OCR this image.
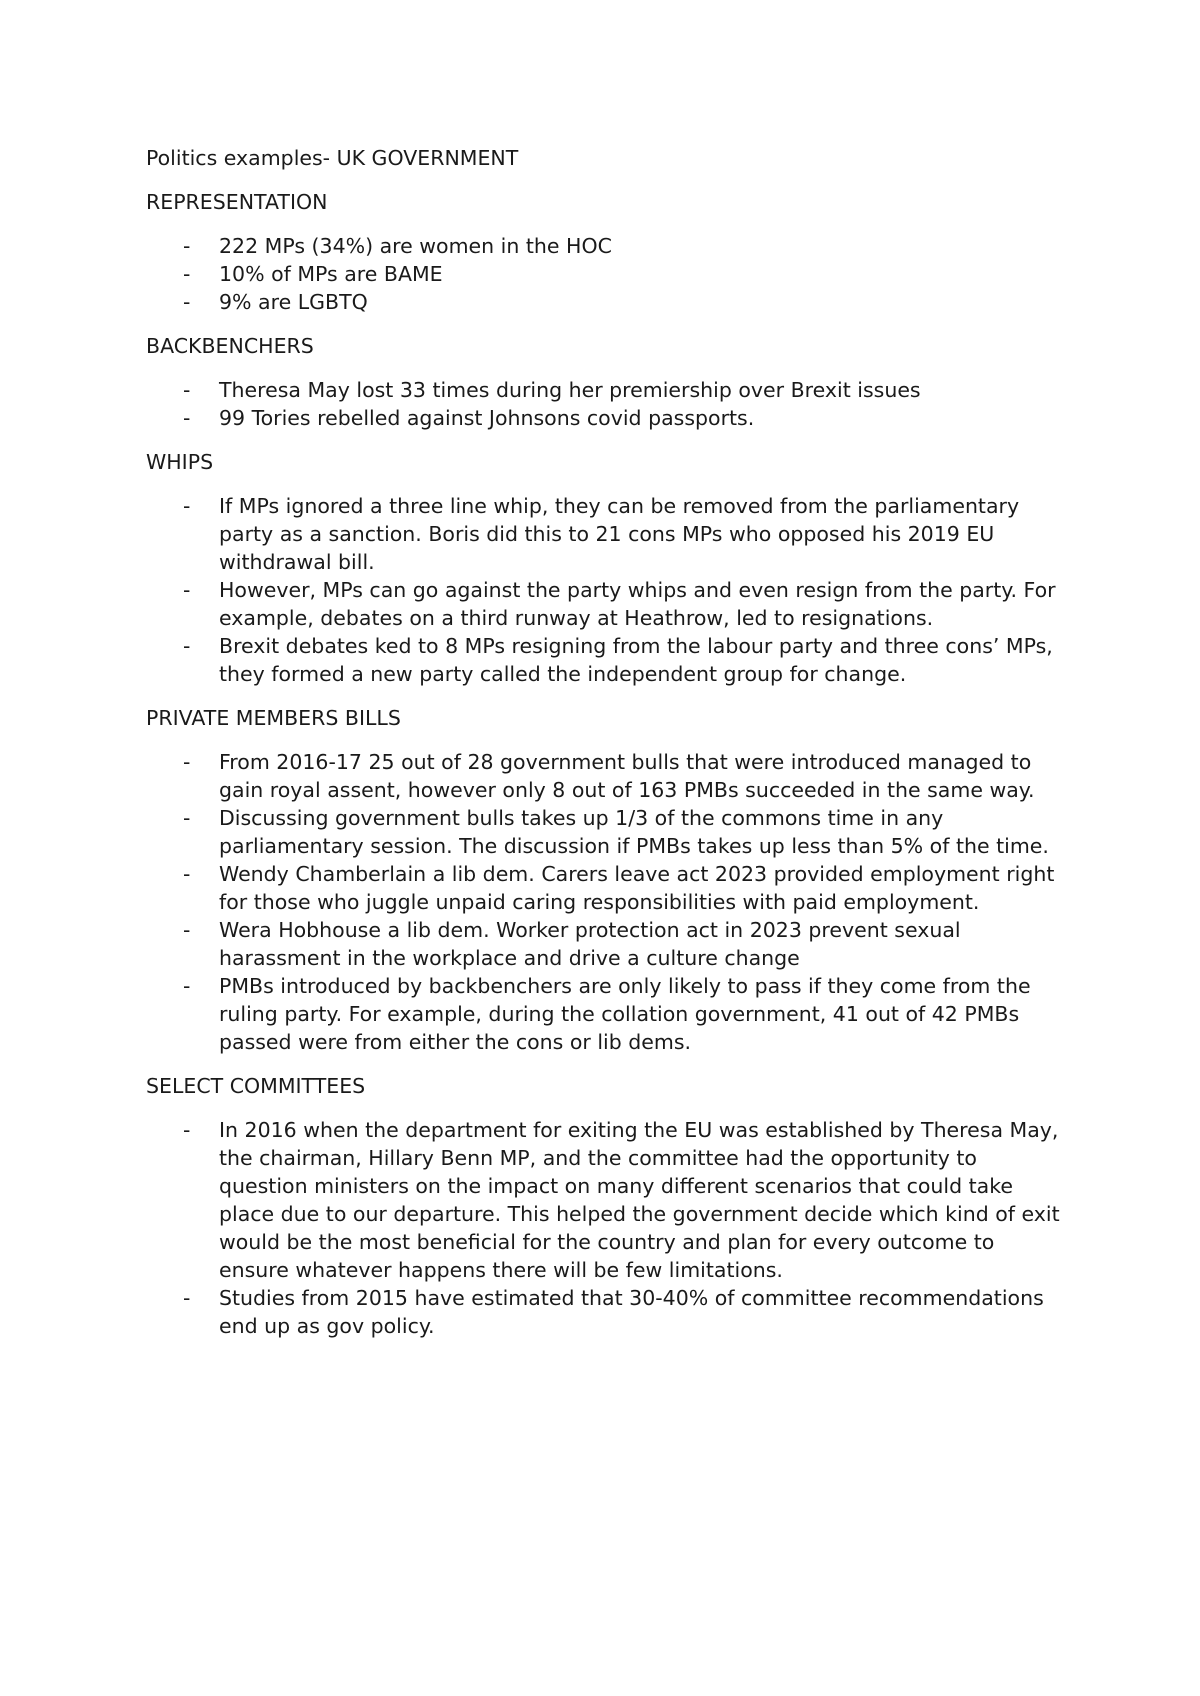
Politics examples- UK GOVERNMENT
REPRESENTATION
- 222 MPs (34%) are women in the HOC
- 10% of MPs are BAME
- 9% are LGBTQ
BACKBENCHERS
- Theresa May lost 33 times during her premiership over Brexit issues
- 99 Tories rebelled against Johnsons covid passports.
WHIPS
- If MPs ignored a three line whip, they can be removed from the parliamentary party as a sanction. Boris did this to 21 cons MPs who opposed his 2019 EU withdrawal bill.
- However, MPs can go against the party whips and even resign from the party. For example, debates on a third runway at Heathrow, led to resignations.
- Brexit debates ked to 8 MPs resigning from the labour party and three cons’ MPs, they formed a new party called the independent group for change.
PRIVATE MEMBERS BILLS
- From 2016-17 25 out of 28 government bulls that were introduced managed to gain royal assent, however only 8 out of 163 PMBs succeeded in the same way.
- Discussing government bulls takes up 1/3 of the commons time in any parliamentary session. The discussion if PMBs takes up less than 5% of the time.
- Wendy Chamberlain a lib dem. Carers leave act 2023 provided employment right for those who juggle unpaid caring responsibilities with paid employment.
- Wera Hobhouse a lib dem. Worker protection act in 2023 prevent sexual harassment in the workplace and drive a culture change
- PMBs introduced by backbenchers are only likely to pass if they come from the ruling party. For example, during the collation government, 41 out of 42 PMBs passed were from either the cons or lib dems.
SELECT COMMITTEES
- In 2016 when the department for exiting the EU was established by Theresa May, the chairman, Hillary Benn MP, and the committee had the opportunity to question ministers on the impact on many different scenarios that could take place due to our departure. This helped the government decide which kind of exit would be the most beneficial for the country and plan for every outcome to ensure whatever happens there will be few limitations.
- Studies from 2015 have estimated that 30-40% of committee recommendations end up as gov policy.
